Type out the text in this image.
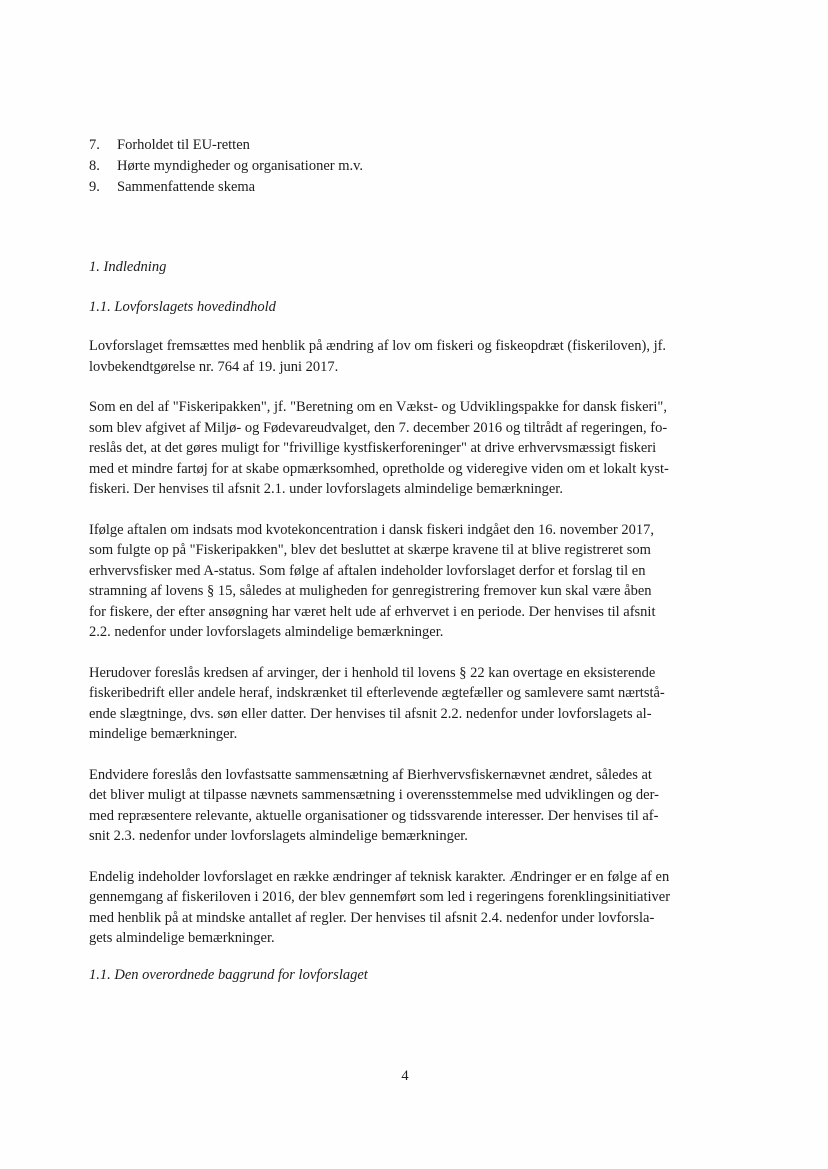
7. Forholdet til EU-retten
8. Hørte myndigheder og organisationer m.v.
9. Sammenfattende skema

1. Indledning

1.1. Lovforslagets hovedindhold

Lovforslaget fremsættes med henblik på ændring af lov om fiskeri og fiskeopdræt (fiskeriloven), jf.
lovbekendtgørelse nr. 764 af 19. juni 2017.
Som en del af "Fiskeripakken", jf. "Beretning om en Vækst- og Udviklingspakke for dansk fiskeri",
som blev afgivet af Miljø- og Fødevareudvalget, den 7. december 2016 og tiltrådt af regeringen, fo-
reslås det, at det gøres muligt for "frivillige kystfiskerforeninger" at drive erhvervsmæssigt fiskeri
med et mindre fartøj for at skabe opmærksomhed, opretholde og videregive viden om et lokalt kyst-
fiskeri. Der henvises til afsnit 2.1. under lovforslagets almindelige bemærkninger.
Ifølge aftalen om indsats mod kvotekoncentration i dansk fiskeri indgået den 16. november 2017,
som fulgte op på "Fiskeripakken", blev det besluttet at skærpe kravene til at blive registreret som
erhvervsfisker med A-status. Som følge af aftalen indeholder lovforslaget derfor et forslag til en
stramning af lovens § 15, således at muligheden for genregistrering fremover kun skal være åben
for fiskere, der efter ansøgning har været helt ude af erhvervet i en periode. Der henvises til afsnit
2.2. nedenfor under lovforslagets almindelige bemærkninger.
Herudover foreslås kredsen af arvinger, der i henhold til lovens § 22 kan overtage en eksisterende
fiskeribedrift eller andele heraf, indskrænket til efterlevende ægtefæller og samlevere samt nærtstå-
ende slægtninge, dvs. søn eller datter. Der henvises til afsnit 2.2. nedenfor under lovforslagets al-
mindelige bemærkninger.
Endvidere foreslås den lovfastsatte sammensætning af Bierhvervsfiskernævnet ændret, således at
det bliver muligt at tilpasse nævnets sammensætning i overensstemmelse med udviklingen og der-
med repræsentere relevante, aktuelle organisationer og tidssvarende interesser. Der henvises til af-
snit 2.3. nedenfor under lovforslagets almindelige bemærkninger.
Endelig indeholder lovforslaget en række ændringer af teknisk karakter. Ændringer er en følge af en
gennemgang af fiskeriloven i 2016, der blev gennemført som led i regeringens forenklingsinitiativer
med henblik på at mindske antallet af regler. Der henvises til afsnit 2.4. nedenfor under lovforsla-
gets almindelige bemærkninger.

1.1. Den overordnede baggrund for lovforslaget

4
